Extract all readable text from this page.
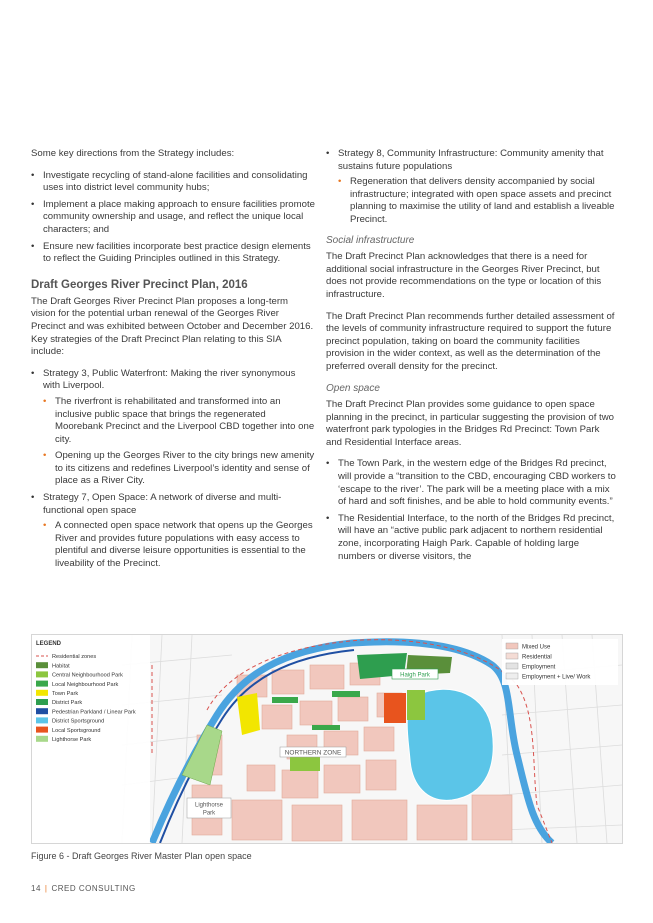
Some key directions from the Strategy includes:

• Investigate recycling of stand-alone facilities and consolidating uses into district level community hubs;
• Implement a place making approach to ensure facilities promote community ownership and usage, and reflect the unique local characters; and
• Ensure new facilities incorporate best practice design elements to reflect the Guiding Principles outlined in this Strategy.
Draft Georges River Precinct Plan, 2016

The Draft Georges River Precinct Plan proposes a long-term vision for the potential urban renewal of the Georges River Precinct and was exhibited between October and December 2016. Key strategies of the Draft Precinct Plan relating to this SIA include:

• Strategy 3, Public Waterfront: Making the river synonymous with Liverpool.
• The riverfront is rehabilitated and transformed into an inclusive public space that brings the regenerated Moorebank Precinct and the Liverpool CBD together into one city.
• Opening up the Georges River to the city brings new amenity to its citizens and redefines Liverpool’s identity and sense of place as a River City.
• Strategy 7, Open Space: A network of diverse and multi-functional open space
• A connected open space network that opens up the Georges River and provides future populations with easy access to plentiful and diverse leisure opportunities is essential to the liveability of the Precinct.
• Strategy 8, Community Infrastructure: Community amenity that sustains future populations
• Regeneration that delivers density accompanied by social infrastructure; integrated with open space assets and precinct planning to maximise the utility of land and establish a liveable Precinct.
Social infrastructure

The Draft Precinct Plan acknowledges that there is a need for additional social infrastructure in the Georges River Precinct, but does not provide recommendations on the type or location of this infrastructure.

The Draft Precinct Plan recommends further detailed assessment of the levels of community infrastructure required to support the future precinct population, taking on board the community facilities provision in the wider context, as well as the determination of the preferred overall density for the precinct.

Open space

The Draft Precinct Plan provides some guidance to open space planning in the precinct, in particular suggesting the provision of two waterfront park typologies in the Bridges Rd Precinct: Town Park and Residential Interface areas.

• The Town Park, in the western edge of the Bridges Rd precinct, will provide a “transition to the CBD, encouraging CBD workers to ‘escape to the river’. The park will be a meeting place with a mix of hard and soft finishes, and be able to hold community events.”
• The Residential Interface, to the north of the Bridges Rd precinct, will have an “active public park adjacent to northern residential zone, incorporating Haigh Park. Capable of holding large numbers or diverse visitors, the
Haigh Park
NORTHERN ZONE
Lighthorse
Park
LEGEND
Residential zones
Habitat
Central Neighbourhood Park
Local Neighbourhood Park
Town Park
District Park
Pedestrian Parkland / Linear Park
District Sportsground
Local Sportsground
Lighthorse Park
Mixed Use
Residential
Employment
Employment + Live/ Work
Figure 6 - Draft Georges River Master Plan open space
14 | CRED CONSULTING
